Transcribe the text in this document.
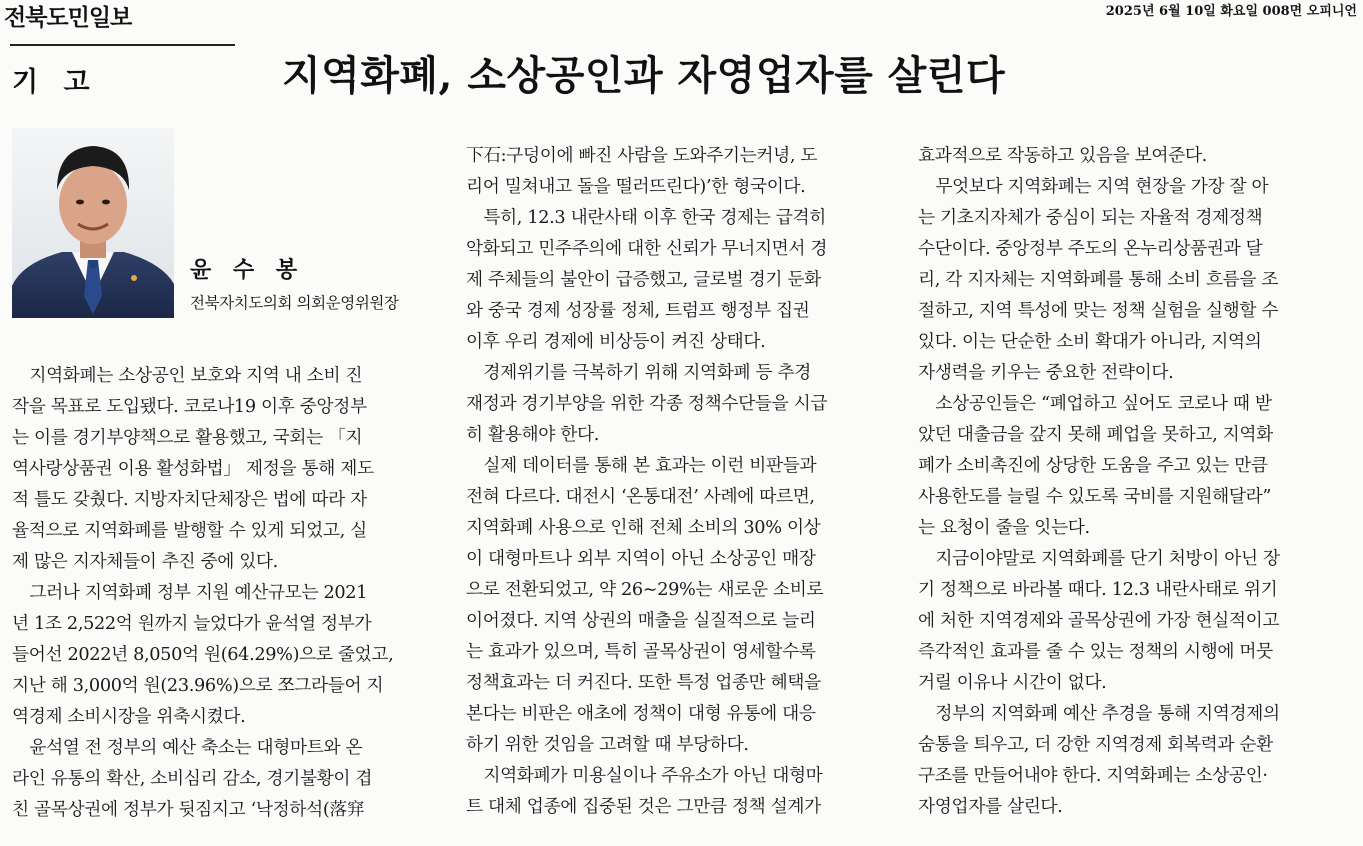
전북도민일보	2025년 6월 10일 화요일 008면 오피니언
기 고	지역화폐, 소상공인과 자영업자를 살린다
윤 수 봉
전북자치도의회 의회운영위원장

　지역화폐는 소상공인 보호와 지역 내 소비 진
작을 목표로 도입됐다. 코로나19 이후 중앙정부
는 이를 경기부양책으로 활용했고, 국회는 「지
역사랑상품권 이용 활성화법」 제정을 통해 제도
적 틀도 갖췄다. 지방자치단체장은 법에 따라 자
율적으로 지역화폐를 발행할 수 있게 되었고, 실
제 많은 지자체들이 추진 중에 있다.

　그러나 지역화폐 정부 지원 예산규모는 2021
년 1조 2,522억 원까지 늘었다가 윤석열 정부가
들어선 2022년 8,050억 원(64.29%)으로 줄었고,
지난 해 3,000억 원(23.96%)으로 쪼그라들어 지
역경제 소비시장을 위축시켰다.

　윤석열 전 정부의 예산 축소는 대형마트와 온
라인 유통의 확산, 소비심리 감소, 경기불황이 겹
친 골목상권에 정부가 뒷짐지고 ‘낙정하석(落穽

下石:구덩이에 빠진 사람을 도와주기는커녕, 도
리어 밀쳐내고 돌을 떨러뜨린다)’한 형국이다.

　특히, 12.3 내란사태 이후 한국 경제는 급격히
악화되고 민주주의에 대한 신뢰가 무너지면서 경
제 주체들의 불안이 급증했고, 글로벌 경기 둔화
와 중국 경제 성장률 정체, 트럼프 행정부 집권
이후 우리 경제에 비상등이 켜진 상태다.

　경제위기를 극복하기 위해 지역화폐 등 추경
재정과 경기부양을 위한 각종 정책수단들을 시급
히 활용해야 한다.

　실제 데이터를 통해 본 효과는 이런 비판들과
전혀 다르다. 대전시 ‘온통대전’ 사례에 따르면,
지역화폐 사용으로 인해 전체 소비의 30% 이상
이 대형마트나 외부 지역이 아닌 소상공인 매장
으로 전환되었고, 약 26∼29%는 새로운 소비로
이어졌다. 지역 상권의 매출을 실질적으로 늘리
는 효과가 있으며, 특히 골목상권이 영세할수록
정책효과는 더 커진다. 또한 특정 업종만 혜택을
본다는 비판은 애초에 정책이 대형 유통에 대응
하기 위한 것임을 고려할 때 부당하다.

　지역화폐가 미용실이나 주유소가 아닌 대형마
트 대체 업종에 집중된 것은 그만큼 정책 설계가

효과적으로 작동하고 있음을 보여준다.

　무엇보다 지역화폐는 지역 현장을 가장 잘 아
는 기초지자체가 중심이 되는 자율적 경제정책
수단이다. 중앙정부 주도의 온누리상품권과 달
리, 각 지자체는 지역화폐를 통해 소비 흐름을 조
절하고, 지역 특성에 맞는 정책 실험을 실행할 수
있다. 이는 단순한 소비 확대가 아니라, 지역의
자생력을 키우는 중요한 전략이다.

　소상공인들은 “폐업하고 싶어도 코로나 때 받
았던 대출금을 갚지 못해 폐업을 못하고, 지역화
폐가 소비촉진에 상당한 도움을 주고 있는 만큼
사용한도를 늘릴 수 있도록 국비를 지원해달라”
는 요청이 줄을 잇는다.

　지금이야말로 지역화폐를 단기 처방이 아닌 장
기 정책으로 바라볼 때다. 12.3 내란사태로 위기
에 처한 지역경제와 골목상권에 가장 현실적이고
즉각적인 효과를 줄 수 있는 정책의 시행에 머뭇
거릴 이유나 시간이 없다.

　정부의 지역화폐 예산 추경을 통해 지역경제의
숨통을 틔우고, 더 강한 지역경제 회복력과 순환
구조를 만들어내야 한다. 지역화폐는 소상공인·
자영업자를 살린다.
